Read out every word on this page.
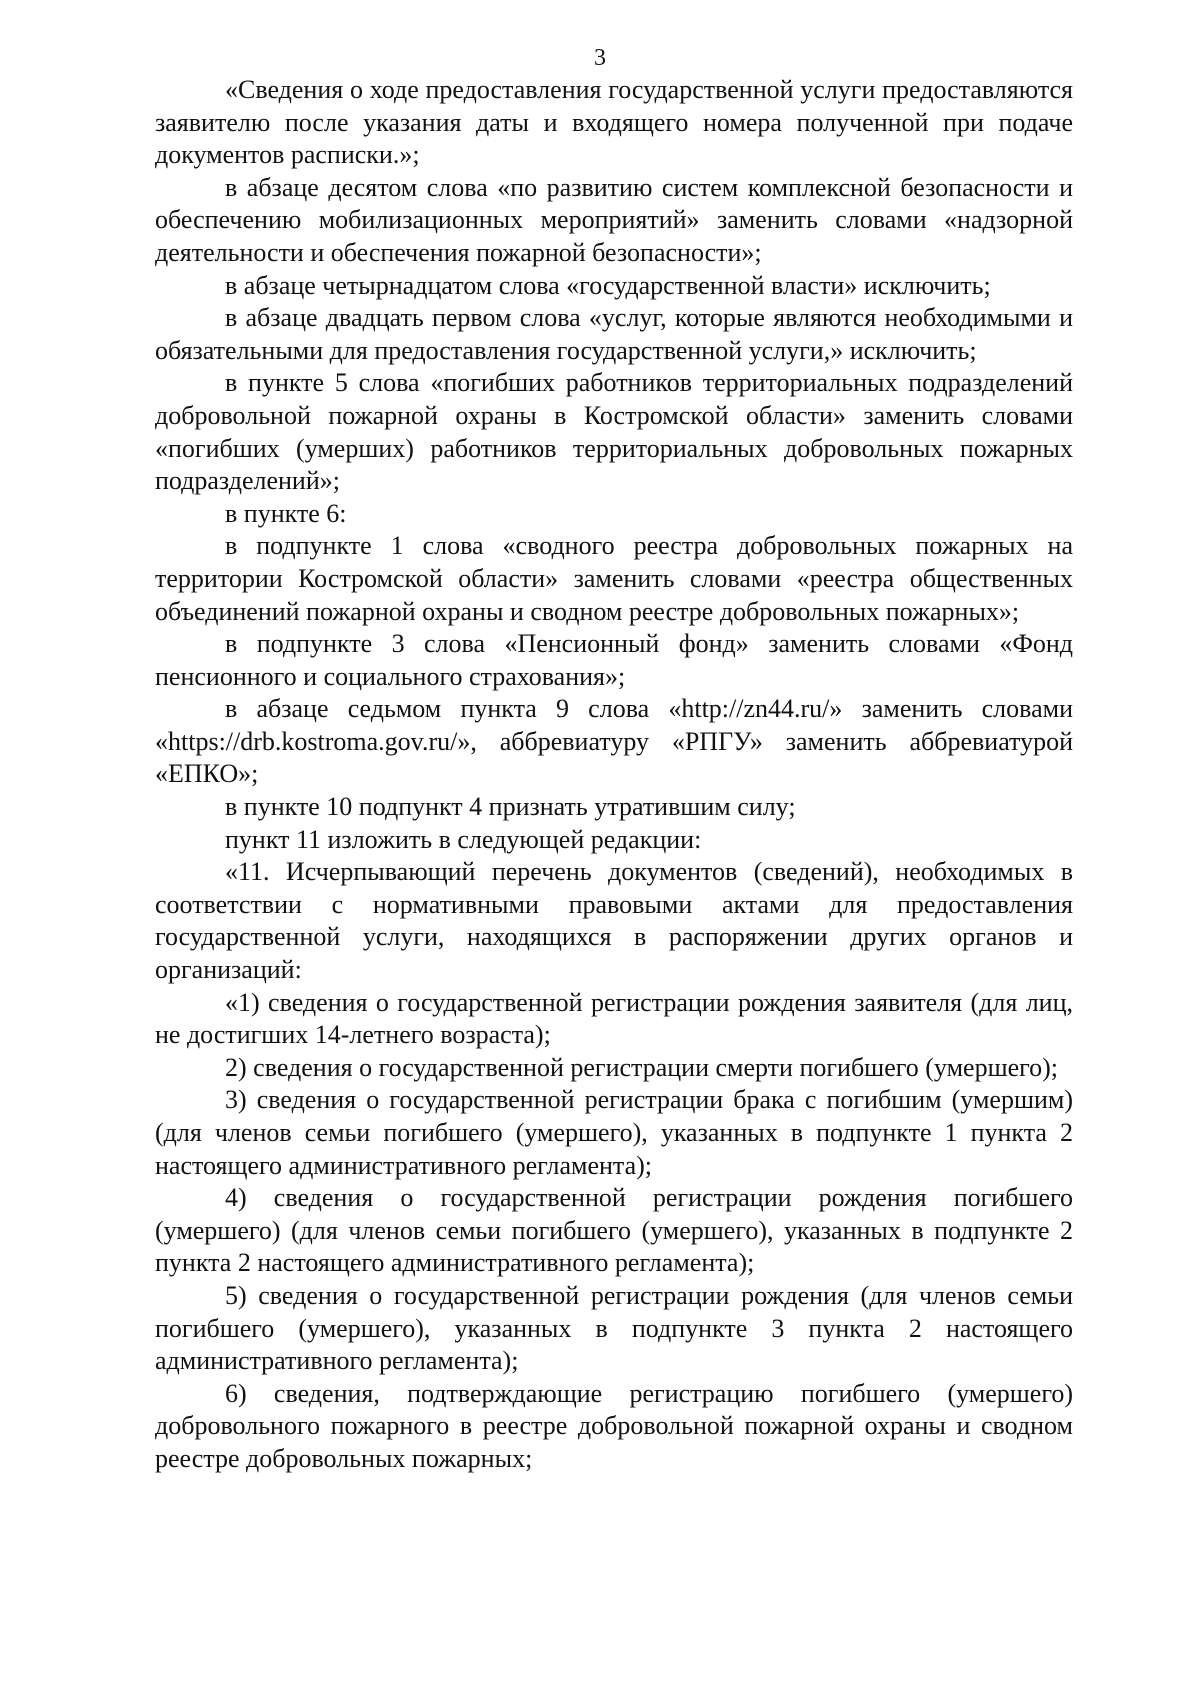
3

«Сведения о ходе предоставления государственной услуги предоставляются заявителю после указания даты и входящего номера полученной при подаче документов расписки.»;

в абзаце десятом слова «по развитию систем комплексной безопасности и обеспечению мобилизационных мероприятий» заменить словами «надзорной деятельности и обеспечения пожарной безопасности»;

в абзаце четырнадцатом слова «государственной власти» исключить;

в абзаце двадцать первом слова «услуг, которые являются необходимыми и обязательными для предоставления государственной услуги,» исключить;

в пункте 5 слова «погибших работников территориальных подразделений добровольной пожарной охраны в Костромской области» заменить словами «погибших (умерших) работников территориальных добровольных пожарных подразделений»;

в пункте 6:

в подпункте 1 слова «сводного реестра добровольных пожарных на территории Костромской области» заменить словами «реестра общественных объединений пожарной охраны и сводном реестре добровольных пожарных»;

в подпункте 3 слова «Пенсионный фонд» заменить словами «Фонд пенсионного и социального страхования»;

в абзаце седьмом пункта 9 слова «http://zn44.ru/» заменить словами «https://drb.kostroma.gov.ru/», аббревиатуру «РПГУ» заменить аббревиатурой «ЕПКО»;

в пункте 10 подпункт 4 признать утратившим силу;

пункт 11 изложить в следующей редакции:

«11. Исчерпывающий перечень документов (сведений), необходимых в соответствии с нормативными правовыми актами для предоставления государственной услуги, находящихся в распоряжении других органов и организаций:

«1) сведения о государственной регистрации рождения заявителя (для лиц, не достигших 14-летнего возраста);

2) сведения о государственной регистрации смерти погибшего (умершего);

3) сведения о государственной регистрации брака с погибшим (умершим) (для членов семьи погибшего (умершего), указанных в подпункте 1 пункта 2 настоящего административного регламента);

4) сведения о государственной регистрации рождения погибшего (умершего) (для членов семьи погибшего (умершего), указанных в подпункте 2 пункта 2 настоящего административного регламента);

5) сведения о государственной регистрации рождения (для членов семьи погибшего (умершего), указанных в подпункте 3 пункта 2 настоящего административного регламента);

6) сведения, подтверждающие регистрацию погибшего (умершего) добровольного пожарного в реестре добровольной пожарной охраны и сводном реестре добровольных пожарных;
